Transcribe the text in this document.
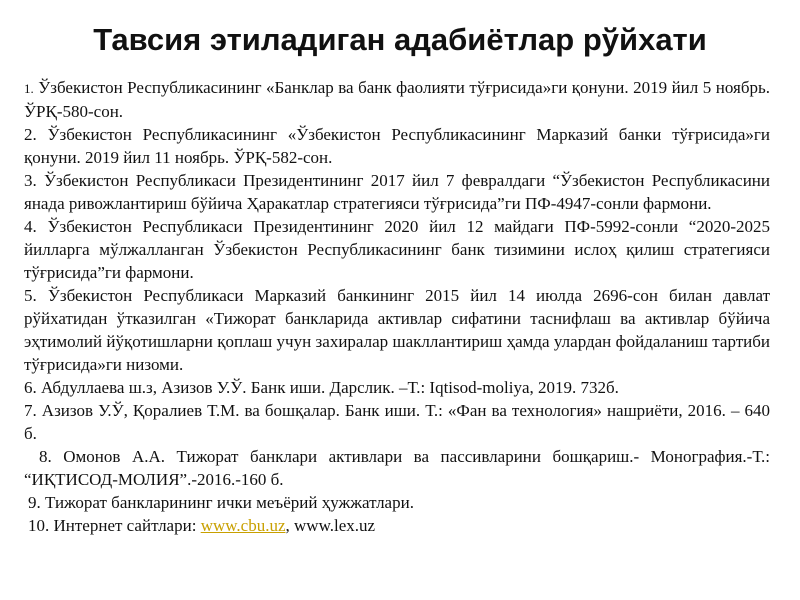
Тавсия этиладиган адабиётлар рўйхати

1. Ўзбекистон Республикасининг «Банклар ва банк фаолияти тўғрисида»ги қонуни. 2019 йил 5 ноябрь. ЎРҚ-580-сон.

2. Ўзбекистон Республикасининг «Ўзбекистон Республикасининг Марказий банки тўғрисида»ги қонуни. 2019 йил 11 ноябрь. ЎРҚ-582-сон.

3. Ўзбекистон Республикаси Президентининг 2017 йил 7 февралдаги “Ўзбекистон Республикасини янада ривожлантириш бўйича Ҳаракатлар стратегияси тўғрисида”ги ПФ-4947-сонли фармони.

4. Ўзбекистон Республикаси Президентининг 2020 йил 12 майдаги ПФ-5992-сонли “2020-2025 йилларга мўлжалланган Ўзбекистон Республикасининг банк тизимини ислоҳ қилиш стратегияси тўғрисида”ги фармони.

5. Ўзбекистон Республикаси Марказий банкининг 2015 йил 14 июлда 2696-сон билан давлат рўйхатидан ўтказилган «Тижорат банкларида активлар сифатини таснифлаш ва активлар бўйича эҳтимолий йўқотишларни қоплаш учун захиралар шакллантириш ҳамда улардан фойдаланиш тартиби тўғрисида»ги низоми.

6. Абдуллаева ш.з, Азизов У.Ў. Банк иши. Дарслик. –Т.: Iqtisod-moliya, 2019. 732б.

7. Азизов У.Ў, Қоралиев Т.М. ва бошқалар. Банк иши. Т.: «Фан ва технология» нашриёти, 2016. – 640 б.

8. Омонов А.А. Тижорат банклари активлари ва пассивларини бошқариш.- Монография.-Т.: “ИҚТИСОД-МОЛИЯ”.-2016.-160 б.

9. Тижорат банкларининг ички меъёрий ҳужжатлари.

10. Интернет сайтлари: www.cbu.uz, www.lex.uz
